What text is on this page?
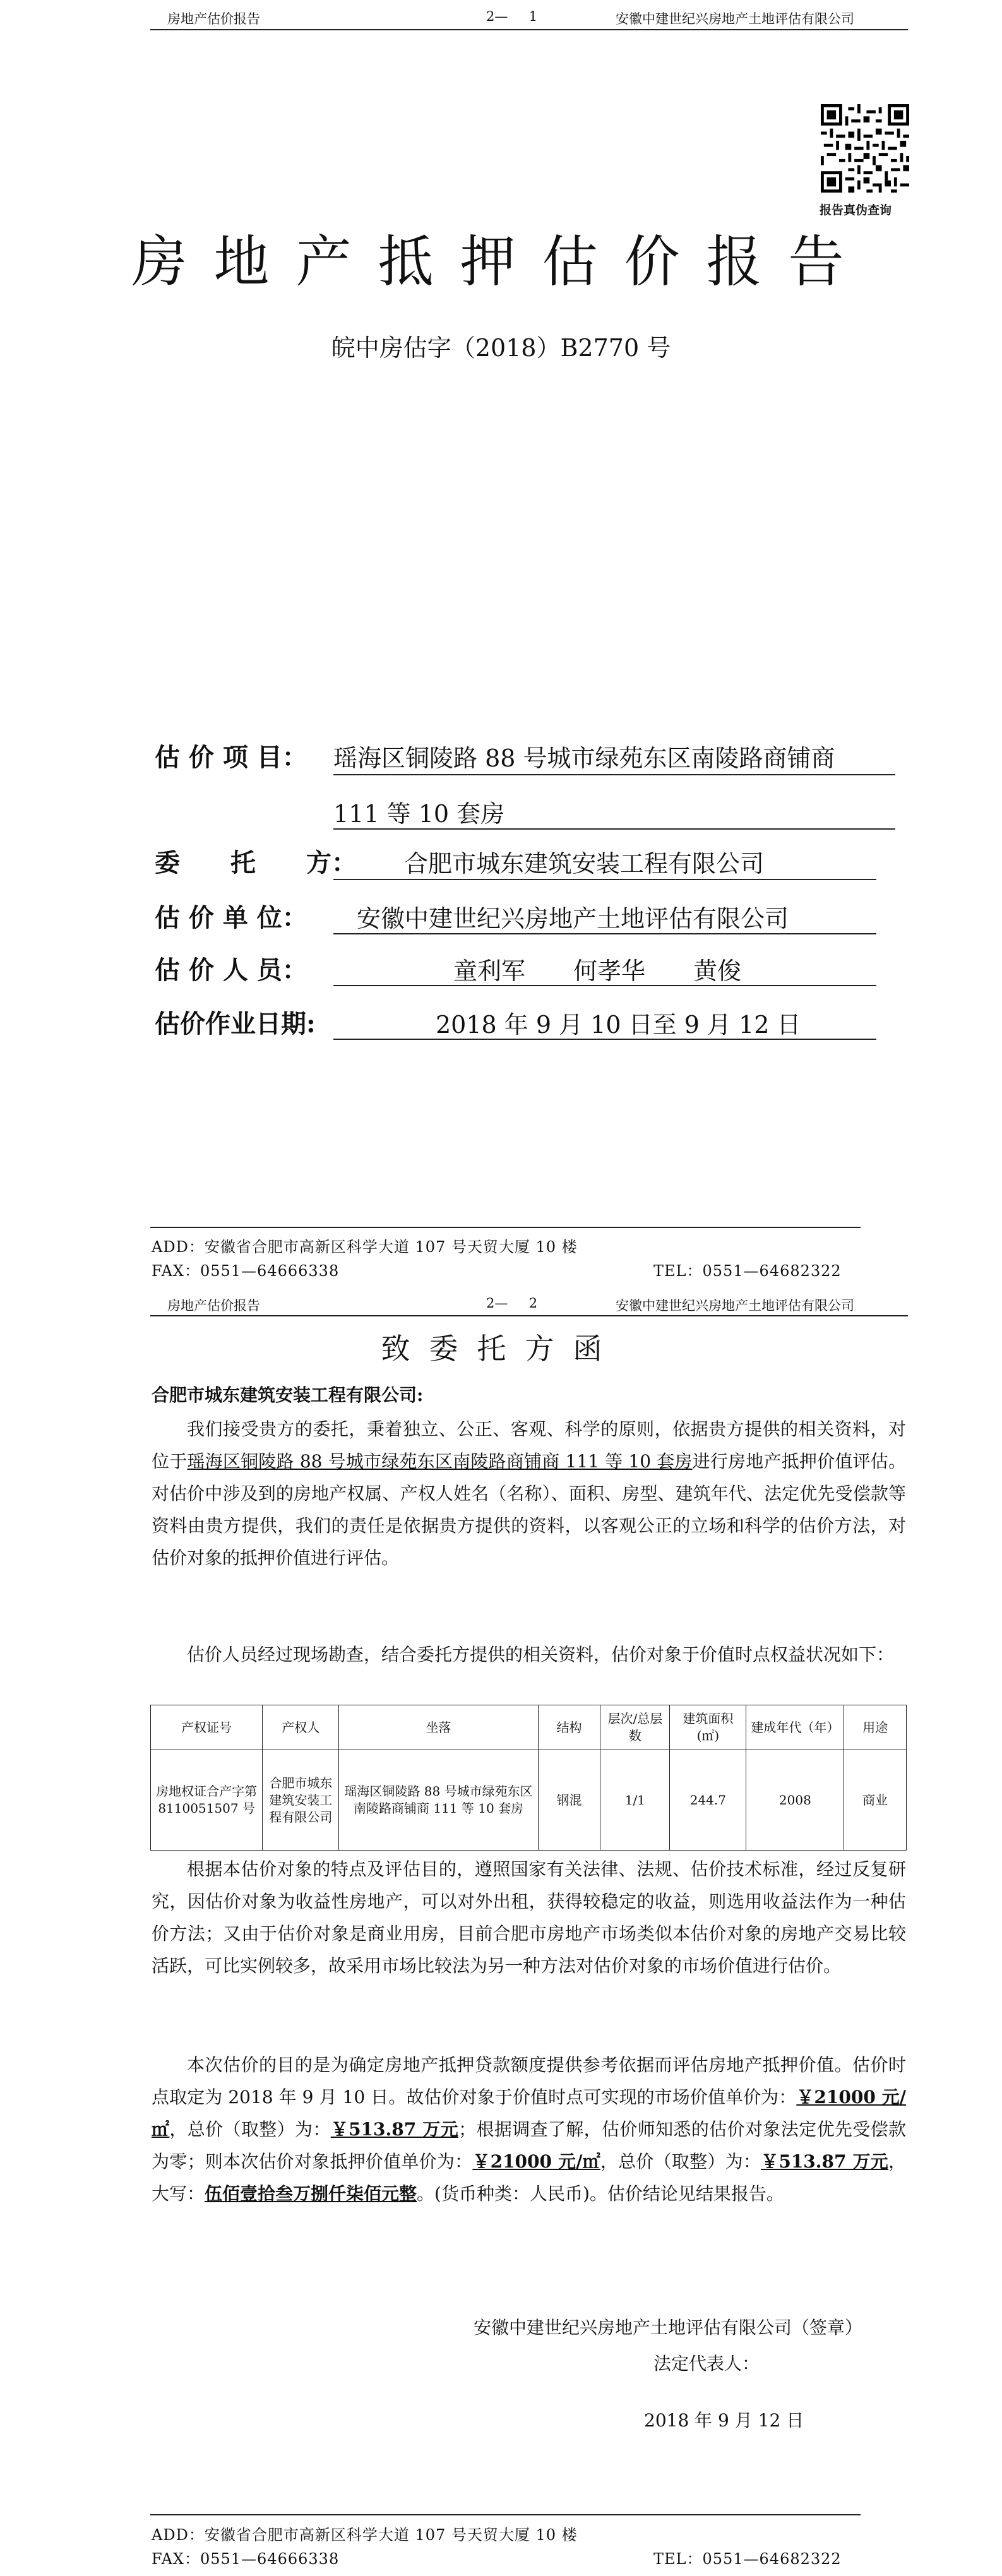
房地产估价报告	2—     1	安徽中建世纪兴房地产土地评估有限公司
报告真伪查询
房地产抵押估价报告
皖中房估字（2018）B2770 号
估 价 项 目： 瑶海区铜陵路 88 号城市绿苑东区南陵路商铺商
111 等 10 套房
委　　托　　方： 合肥市城东建筑安装工程有限公司
估 价 单 位： 安徽中建世纪兴房地产土地评估有限公司
估 价 人 员：	童利军　　何孝华　　黄俊
估价作业日期:	2018 年 9 月 10 日至 9 月 12 日
ADD：安徽省合肥市高新区科学大道 107 号天贸大厦 10 楼
FAX：0551—64666338	TEL：0551—64682322
房地产估价报告	2—     2	安徽中建世纪兴房地产土地评估有限公司
致委托方函
合肥市城东建筑安装工程有限公司:

我们接受贵方的委托，秉着独立、公正、客观、科学的原则，依据贵方提供的相关资料，对位于瑶海区铜陵路 88 号城市绿苑东区南陵路商铺商 111 等 10 套房进行房地产抵押价值评估。对估价中涉及到的房地产权属、产权人姓名（名称）、面积、房型、建筑年代、法定优先受偿款等资料由贵方提供，我们的责任是依据贵方提供的资料，以客观公正的立场和科学的估价方法，对估价对象的抵押价值进行评估。

估价人员经过现场勘查，结合委托方提供的相关资料，估价对象于价值时点权益状况如下：

产权证号	产权人	坐落	结构	层次/总层数	建筑面积(㎡)	建成年代（年）	用途
房地权证合产字第 8110051507 号	合肥市城东建筑安装工程有限公司	瑶海区铜陵路 88 号城市绿苑东区南陵路商铺商 111 等 10 套房	钢混	1/1	244.7	2008	商业

根据本估价对象的特点及评估目的，遵照国家有关法律、法规、估价技术标准，经过反复研究，因估价对象为收益性房地产，可以对外出租，获得较稳定的收益，则选用收益法作为一种估价方法；又由于估价对象是商业用房，目前合肥市房地产市场类似本估价对象的房地产交易比较活跃，可比实例较多，故采用市场比较法为另一种方法对估价对象的市场价值进行估价。

本次估价的目的是为确定房地产抵押贷款额度提供参考依据而评估房地产抵押价值。估价时点取定为 2018 年 9 月 10 日。故估价对象于价值时点可实现的市场价值单价为：￥21000 元/㎡，总价（取整）为：￥513.87 万元；根据调查了解，估价师知悉的估价对象法定优先受偿款为零；则本次估价对象抵押价值单价为：￥21000 元/㎡，总价（取整）为：￥513.87 万元，大写：伍佰壹拾叁万捌仟柒佰元整。(货币种类：人民币)。估价结论见结果报告。

安徽中建世纪兴房地产土地评估有限公司（签章）
法定代表人：
2018 年 9 月 12 日
ADD：安徽省合肥市高新区科学大道 107 号天贸大厦 10 楼
FAX：0551—64666338	TEL：0551—64682322
